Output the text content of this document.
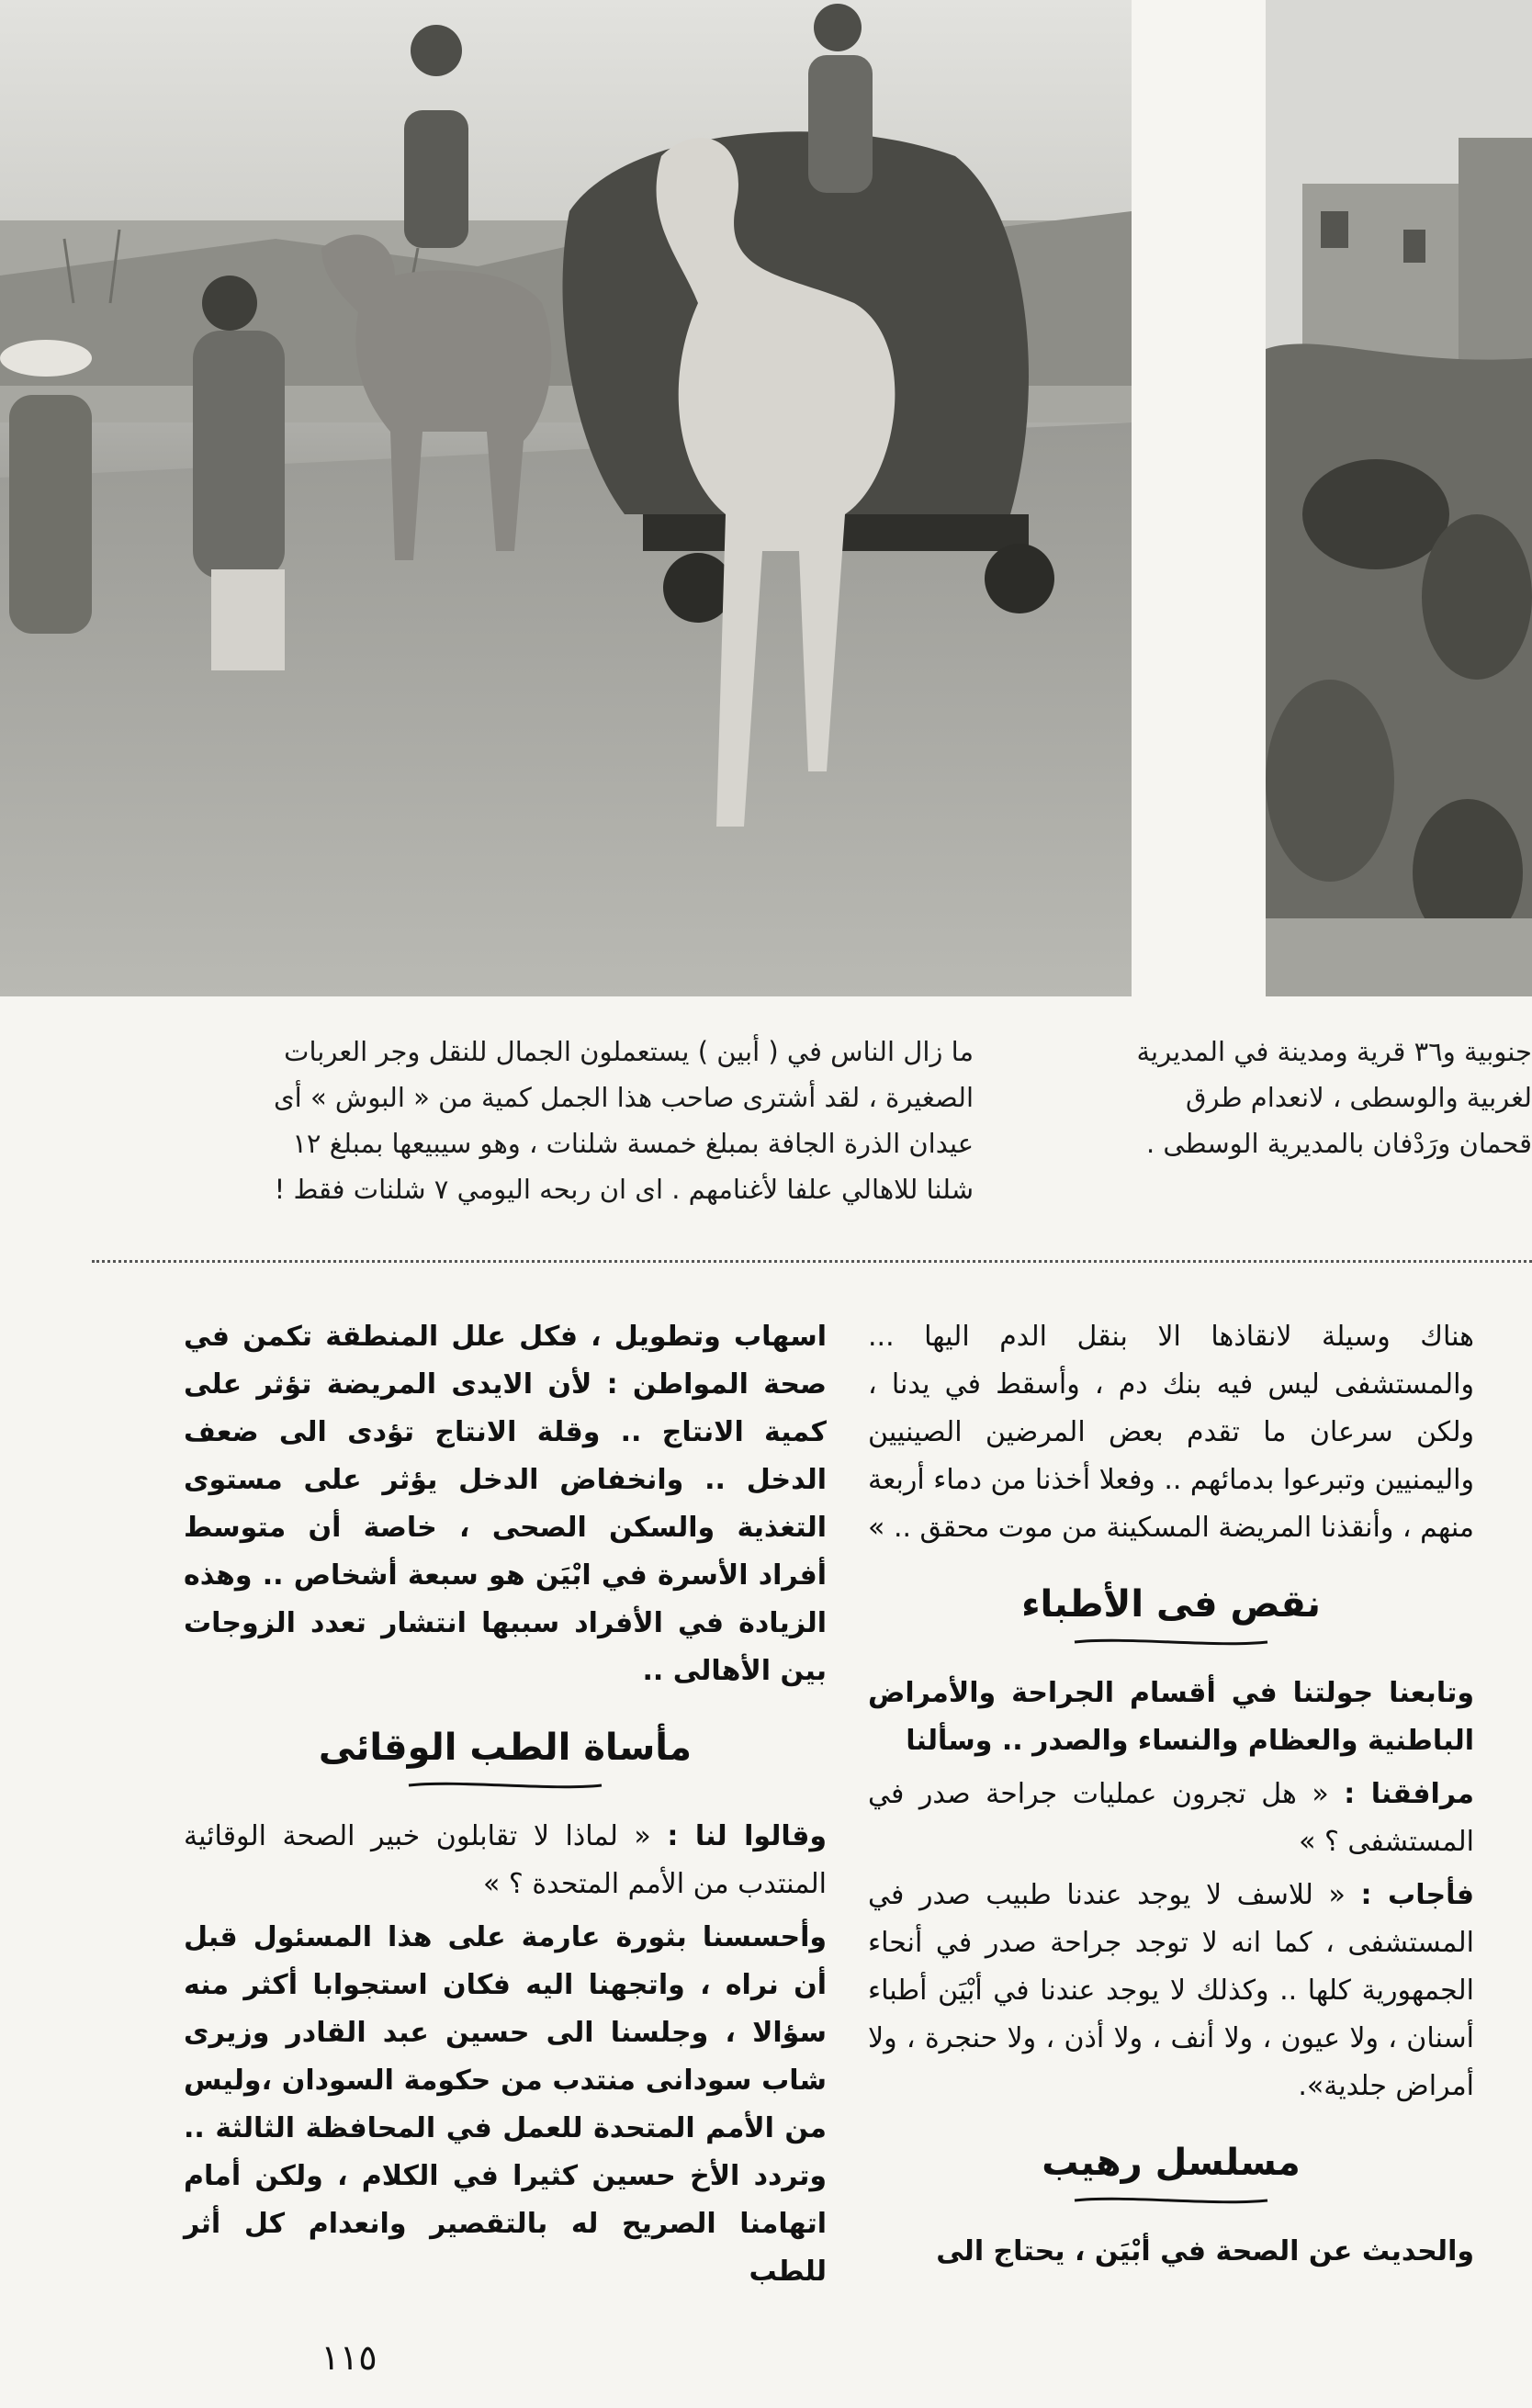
ما زال الناس في ( أبين ) يستعملون الجمال للنقل وجر العربات
الصغيرة ، لقد أشترى صاحب هذا الجمل كمية من « البوش » أى
عيدان الذرة الجافة بمبلغ خمسة شلنات ، وهو سيبيعها بمبلغ ١٢
شلنا للاهالي علفا لأغنامهم . اى ان ربحه اليومي ٧ شلنات فقط !
جنوبية و٣٦ قرية ومدينة في المديرية
لغربية والوسطى ، لانعدام طرق
قحمان ورَدْفان بالمديرية الوسطى .

هناك وسيلة لانقاذها الا بنقل الدم اليها ... والمستشفى ليس فيه بنك دم ، وأسقط في يدنا ، ولكن سرعان ما تقدم بعض المرضين الصينيين واليمنيين وتبرعوا بدمائهم .. وفعلا أخذنا من دماء أربعة منهم ، وأنقذنا المريضة المسكينة من موت محقق .. »

نقص فى الأطباء

وتابعنا جولتنا في أقسام الجراحة والأمراض الباطنية والعظام والنساء والصدر .. وسألنا

مرافقنا : « هل تجرون عمليات جراحة صدر في المستشفى ؟ »

فأجاب : « للاسف لا يوجد عندنا طبيب صدر في المستشفى ، كما انه لا توجد جراحة صدر في أنحاء الجمهورية كلها .. وكذلك لا يوجد عندنا في أبْيَن أطباء أسنان ، ولا عيون ، ولا أنف ، ولا أذن ، ولا حنجرة ، ولا أمراض جلدية».

مسلسل رهيب

والحديث عن الصحة في أبْيَن ، يحتاج الى

اسهاب وتطويل ، فكل علل المنطقة تكمن في صحة المواطن : لأن الايدى المريضة تؤثر على كمية الانتاج .. وقلة الانتاج تؤدى الى ضعف الدخل .. وانخفاض الدخل يؤثر على مستوى التغذية والسكن الصحى ، خاصة أن متوسط أفراد الأسرة في ابْيَن هو سبعة أشخاص .. وهذه الزيادة في الأفراد سببها انتشار تعدد الزوجات بين الأهالى ..

مأساة الطب الوقائى

وقالوا لنا : « لماذا لا تقابلون خبير الصحة الوقائية المنتدب من الأمم المتحدة ؟ »

وأحسسنا بثورة عارمة على هذا المسئول قبل أن نراه ، واتجهنا اليه فكان استجوابا أكثر منه سؤالا ، وجلسنا الى حسين عبد القادر وزيرى شاب سودانى منتدب من حكومة السودان ،وليس من الأمم المتحدة للعمل في المحافظة الثالثة .. وتردد الأخ حسين كثيرا في الكلام ، ولكن أمام اتهامنا الصريح له بالتقصير وانعدام كل أثر للطب

١١٥
